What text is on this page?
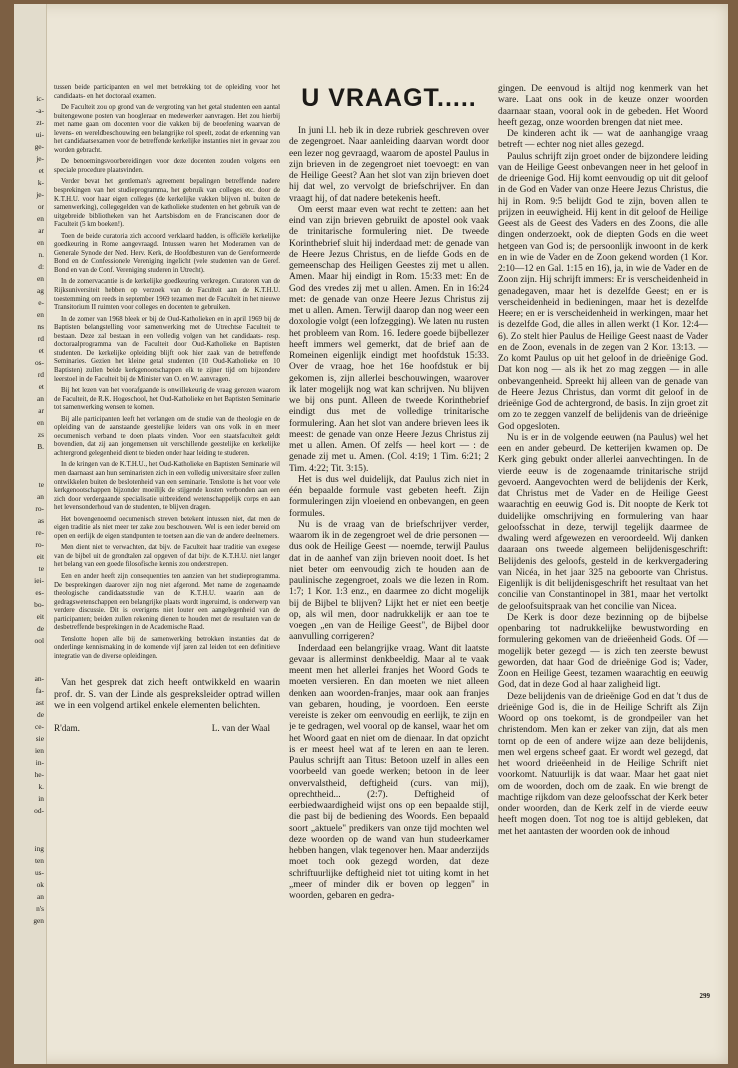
ic-
-a-
zt-
ui-
ge-
je-
et
k-
je-
or
en
ar
en
n.
d:
en
ag
e-
en
ns
rd
et
os-
rd
et
an
ar
en
zs
B.
te
an
ro-
as
re-
ro-
eit
te
iei-
es-
bo-
eit
de
ool
an-
fa-
ast
de
ce-
sie
ien
in-
he-
k.
in
od-
ing
ten
us-
ok
an
n's
gen

tussen beide participanten en wel met betrekking tot de opleiding voor het candidaats- en het doctoraal examen.

De Faculteit zou op grond van de vergroting van het getal studenten een aantal buitengewone posten van hoogleraar en medewerker aanvragen. Het zou hierbij met name gaan om docenten voor die vakken bij de beoefening waarvan de levens- en wereldbeschouwing een belangrijke rol speelt, zodat de erkenning van het candidaatsexamen voor de betreffende kerkelijke instanties niet in gevaar zou worden gebracht.

De benoemingsvoorbereidingen voor deze docenten zouden volgens een speciale procedure plaatsvinden.

Verder bevat het gentleman's agreement bepalingen betreffende nadere besprekingen van het studieprogramma, het gebruik van colleges etc. door de K.T.H.U. voor haar eigen colleges (de kerkelijke vakken blijven nl. buiten de samenwerking), collegegelden van de katholieke studenten en het gebruik van de uitgebreide bibliotheken van het Aartsbisdom en de Franciscanen door de Faculteit (5 km boeken!).

Toen de beide curatoria zich accoord verklaard hadden, is officiële kerkelijke goedkeuring in Rome aangevraagd. Intussen waren het Moderamen van de Generale Synode der Ned. Herv. Kerk, de Hoofdbesturen van de Gereformeerde Bond en de Confessionele Vereniging ingelicht (vele studenten van de Geref. Bond en van de Conf. Vereniging studeren in Utrecht).

In de zomervacantie is de kerkelijke goedkeuring verkregen. Curatoren van de Rijksuniversiteit hebben op verzoek van de Faculteit aan de K.T.H.U. toestemming om reeds in september 1969 tezamen met de Faculteit in het nieuwe Transitorium II ruimten voor colleges en docenten te gebruiken.

In de zomer van 1968 bleek er bij de Oud-Katholieken en in april 1969 bij de Baptisten belangstelling voor samenwerking met de Utrechtse Faculteit te bestaan. Deze zal bestaan in een volledig volgen van het candidaats- resp. doctoraalprogramma van de Faculteit door Oud-Katholieke en Baptisten studenten. De kerkelijke opleiding blijft ook hier zaak van de betreffende Seminaries. Gezien het kleine getal studenten (10 Oud-Katholieke en 10 Baptisten) zullen beide kerkgenootschappen elk te zijner tijd om bijzondere leerstoel in de Faculteit bij de Minister van O. en W. aanvragen.

Bij het lezen van het voorafgaande is onwillekeurig de vraag gerezen waarom de Faculteit, de R.K. Hogeschool, het Oud-Katholieke en het Baptisten Seminarie tot samenwerking wensen te komen.

Bij alle participanten leeft het verlangen om de studie van de theologie en de opleiding van de aanstaande geestelijke leiders van ons volk in en meer oecumenisch verband te doen plaats vinden. Voor een staatsfaculteit geldt bovendien, dat zij aan jongemensen uit verschillende geestelijke en kerkelijke achtergrond gelegenheid dient te bieden onder haar leiding te studeren.

In de kringen van de K.T.H.U., het Oud-Katholieke en Baptisten Seminarie wil men daarnaast aan hun seminaristen zich in een volledig universitaire sfeer zullen ontwikkelen buiten de beslotenheid van een seminarie. Tenslotte is het voor vele kerkgenootschappen bijzonder moeilijk de stijgende kosten verbonden aan een zich door verdergaande specialisatie uitbreidend wetenschappelijk corps en aan het levensonderhoud van de studenten, te blijven dragen.

Het bovengenoemd oecumenisch streven betekent intussen niet, dat men de eigen traditie als niet meer ter zake zou beschouwen. Wel is een ieder bereid om open en eerlijk de eigen standpunten te toetsen aan die van de andere deelnemers.

Men dient niet te verwachten, dat bijv. de Faculteit haar traditie van exegese van de bijbel uit de grondtalen zal opgeven of dat bijv. de K.T.H.U. niet langer het belang van een goede filosofische kennis zou onderstrepen.

Een en ander heeft zijn consequenties ten aanzien van het studieprogramma. De besprekingen daarover zijn nog niet afgerond. Met name de zogenaamde theologische candidaatsstudie van de K.T.H.U. waarin aan de gedragswetenschappen een belangrijke plaats wordt ingeruimd, is onderwerp van verdere discussie. Dit is overigens niet louter een aangelegenheid van de participanten; beiden zullen rekening dienen te houden met de resultaten van de desbetreffende besprekingen in de Academische Raad.

Tenslotte hopen alle bij de samenwerking betrokken instanties dat de onderlinge kennismaking in de komende vijf jaren zal leiden tot een definitieve integratie van de diverse opleidingen.

Van het gesprek dat zich heeft ontwikkeld en waarin prof. dr. S. van der Linde als gespreksleider optrad willen we in een volgend artikel enkele elementen belichten.

R'dam.	L. van der Waal
U VRAAGT.....

In juni l.l. heb ik in deze rubriek geschreven over de zegengroet. Naar aanleiding daarvan wordt door een lezer nog gevraagd, waarom de apostel Paulus in zijn brieven in de zegengroet niet toevoegt: en van de Heilige Geest? Aan het slot van zijn brieven doet hij dat wel, zo vervolgt de briefschrijver. En dan vraagt hij, of dat nadere betekenis heeft.

Om eerst maar even wat recht te zetten: aan het eind van zijn brieven gebruikt de apostel ook vaak de trinitarische formulering niet. De tweede Korinthebrief sluit hij inderdaad met: de genade van de Heere Jezus Christus, en de liefde Gods en de gemeenschap des Heiligen Geestes zij met u allen. Amen. Maar hij eindigt in Rom. 15:33 met: En de God des vredes zij met u allen. Amen. En in 16:24 met: de genade van onze Heere Jezus Christus zij met u allen. Amen. Terwijl daarop dan nog weer een doxologie volgt (een lofzegging). We laten nu rusten het probleem van Rom. 16. Iedere goede bijbellezer heeft immers wel gemerkt, dat de brief aan de Romeinen eigenlijk eindigt met hoofdstuk 15:33. Over de vraag, hoe het 16e hoofdstuk er bij gekomen is, zijn allerlei beschouwingen, waarover ik later mogelijk nog wat kan schrijven. Nu blijven we bij ons punt. Alleen de tweede Korinthebrief eindigt dus met de volledige trinitarische formulering. Aan het slot van andere brieven lees ik meest: de genade van onze Heere Jezus Christus zij met u allen. Amen. Of zelfs — heel kort — : de genade zij met u. Amen. (Col. 4:19; 1 Tim. 6:21; 2 Tim. 4:22; Tit. 3:15).

Het is dus wel duidelijk, dat Paulus zich niet in één bepaalde formule vast gebeten heeft. Zijn formuleringen zijn vloeiend en onbevangen, en geen formules.

Nu is de vraag van de briefschrijver verder, waarom ik in de zegengroet wel de drie personen — dus ook de Heilige Geest — noemde, terwijl Paulus dat in de aanhef van zijn brieven nooit doet. Is het niet beter om eenvoudig zich te houden aan de paulinische zegengroet, zoals we die lezen in Rom. 1:7; 1 Kor. 1:3 enz., en daarmee zo dicht mogelijk bij de Bijbel te blijven? Lijkt het er niet een beetje op, als wil men, door nadrukkelijk er aan toe te voegen „en van de Heilige Geest", de Bijbel door aanvulling corrigeren?

Inderdaad een belangrijke vraag. Want dit laatste gevaar is allerminst denkbeeldig. Maar al te vaak meent men het allerlei franjes het Woord Gods te moeten versieren. En dan moeten we niet alleen denken aan woorden-franjes, maar ook aan franjes van gebaren, houding, je voordoen. Een eerste vereiste is zeker om eenvoudig en eerlijk, te zijn en je te gedragen, wel vooral op de kansel, waar het om het Woord gaat en niet om de dienaar. In dat opzicht is er meest heel wat af te leren en aan te leren. Paulus schrijft aan Titus: Betoon uzelf in alles een voorbeeld van goede werken; betoon in de leer onvervalstheid, deftigheid (curs. van mij), oprechtheid... (2:7). Deftigheid of eerbiedwaardigheid wijst ons op een bepaalde stijl, die past bij de bediening des Woords. Een bepaald soort „aktuele" predikers van onze tijd mochten wel deze woorden op de wand van hun studeerkamer hebben hangen, vlak tegenover hen. Maar anderzijds moet toch ook gezegd worden, dat deze schriftuurlijke deftigheid niet tot uiting komt in het „meer of minder dik er boven op leggen" in woorden, gebaren en gedra-

gingen. De eenvoud is altijd nog kenmerk van het ware. Laat ons ook in de keuze onzer woorden daarnaar staan, vooral ook in de gebeden. Het Woord heeft gezag, onze woorden brengen dat niet mee.

De kinderen acht ik — wat de aanhangige vraag betreft — echter nog niet alles gezegd.

Paulus schrijft zijn groet onder de bijzondere leiding van de Heilige Geest onbevangen neer in het geloof in de drieenige God. Hij komt eenvoudig op uit dit geloof in de God en Vader van onze Heere Jezus Christus, die hij in Rom. 9:5 belijdt God te zijn, boven allen te prijzen in eeuwigheid. Hij kent in dit geloof de Heilige Geest als de Geest des Vaders en des Zoons, die alle dingen onderzoekt, ook de diepten Gods en die weet hetgeen van God is; de persoonlijk inwoont in de kerk en in wie de Vader en de Zoon gekend worden (1 Kor. 2:10—12 en Gal. 1:15 en 16), ja, in wie de Vader en de Zoon zijn. Hij schrijft immers: Er is verscheidenheid in genadegaven, maar het is dezelfde Geest; en er is verscheidenheid in bedieningen, maar het is dezelfde Heere; en er is verscheidenheid in werkingen, maar het is dezelfde God, die alles in allen werkt (1 Kor. 12:4—6). Zo stelt hier Paulus de Heilige Geest naast de Vader en de Zoon, evenals in de zegen van 2 Kor. 13:13. — Zo komt Paulus op uit het geloof in de drieënige God. Dat kon nog — als ik het zo mag zeggen — in alle onbevangenheid. Spreekt hij alleen van de genade van de Heere Jezus Christus, dan vormt dit geloof in de drieënige God de achtergrond, de basis. In zijn groet zit om zo te zeggen vanzelf de belijdenis van de drieënige God opgesloten.

Nu is er in de volgende eeuwen (na Paulus) wel het een en ander gebeurd. De ketterijen kwamen op. De Kerk ging gebukt onder allerlei aanvechtingen. In de vierde eeuw is de zogenaamde trinitarische strijd gevoerd. Aangevochten werd de belijdenis der Kerk, dat Christus met de Vader en de Heilige Geest waarachtig en eeuwig God is. Dit noopte de Kerk tot duidelijke omschrijving en formulering van haar geloofsschat in deze, terwijl tegelijk daarmee de dwaling werd afgewezen en veroordeeld. Wij danken daaraan ons tweede algemeen belijdenisgeschrift: Belijdenis des geloofs, gesteld in de kerkvergadering van Nicéa, in het jaar 325 na geboorte van Christus. Eigenlijk is dit belijdenisgeschrift het resultaat van het concilie van Constantinopel in 381, maar het vertolkt de geloofsuitspraak van het concilie van Nicea.

De Kerk is door deze bezinning op de bijbelse openbaring tot nadrukkelijke bewustwording en formulering gekomen van de drieëenheid Gods. Of — mogelijk beter gezegd — is zich ten zeerste bewust geworden, dat haar God de drieënige God is; Vader, Zoon en Heilige Geest, tezamen waarachtig en eeuwig God, dat in deze God al haar zaligheid ligt.

Deze belijdenis van de drieënige God en dat 't dus de drieënige God is, die in de Heilige Schrift als Zijn Woord op ons toekomt, is de grondpeiler van het christendom. Men kan er zeker van zijn, dat als men tornt op de een of andere wijze aan deze belijdenis, men wel ergens scheef gaat. Er wordt wel gezegd, dat het woord drieëenheid in de Heilige Schrift niet voorkomt. Natuurlijk is dat waar. Maar het gaat niet om de woorden, doch om de zaak. En wie brengt de machtige rijkdom van deze geloofsschat der Kerk beter onder woorden, dan de Kerk zelf in de vierde eeuw heeft mogen doen. Tot nog toe is altijd gebleken, dat met het aantasten der woorden ook de inhoud

299
